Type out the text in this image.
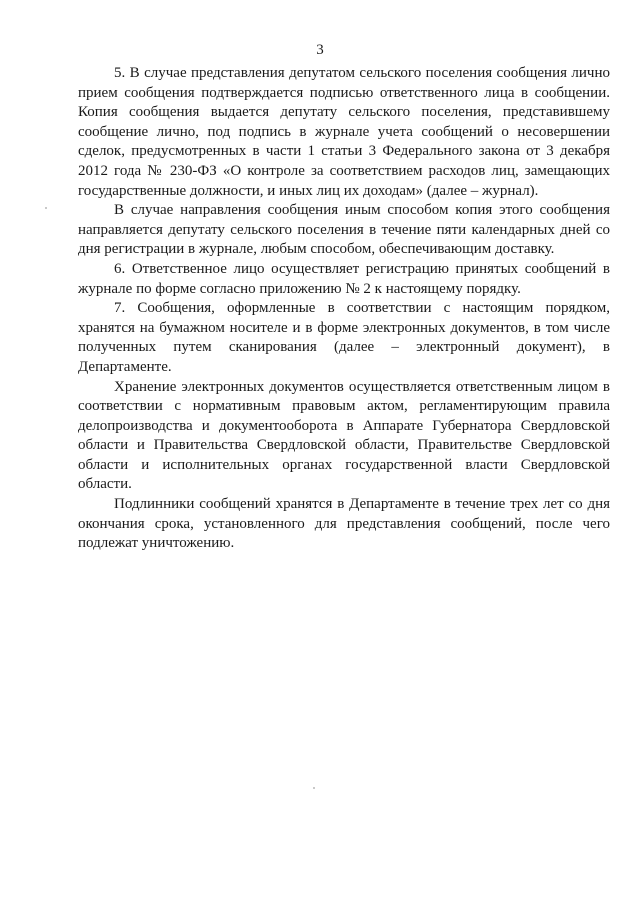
3

5. В случае представления депутатом сельского поселения сообщения лично прием сообщения подтверждается подписью ответственного лица в сообщении. Копия сообщения выдается депутату сельского поселения, представившему сообщение лично, под подпись в журнале учета сообщений о несовершении сделок, предусмотренных в части 1 статьи 3 Федерального закона от 3 декабря 2012 года № 230-ФЗ «О контроле за соответствием расходов лиц, замещающих государственные должности, и иных лиц их доходам» (далее – журнал).

В случае направления сообщения иным способом копия этого сообщения направляется депутату сельского поселения в течение пяти календарных дней со дня регистрации в журнале, любым способом, обеспечивающим доставку.

6. Ответственное лицо осуществляет регистрацию принятых сообщений в журнале по форме согласно приложению № 2 к настоящему порядку.

7. Сообщения, оформленные в соответствии с настоящим порядком, хранятся на бумажном носителе и в форме электронных документов, в том числе полученных путем сканирования (далее – электронный документ), в Департаменте.

Хранение электронных документов осуществляется ответственным лицом в соответствии с нормативным правовым актом, регламентирующим правила делопроизводства и документооборота в Аппарате Губернатора Свердловской области и Правительства Свердловской области, Правительстве Свердловской области и исполнительных органах государственной власти Свердловской области.

Подлинники сообщений хранятся в Департаменте в течение трех лет со дня окончания срока, установленного для представления сообщений, после чего подлежат уничтожению.
